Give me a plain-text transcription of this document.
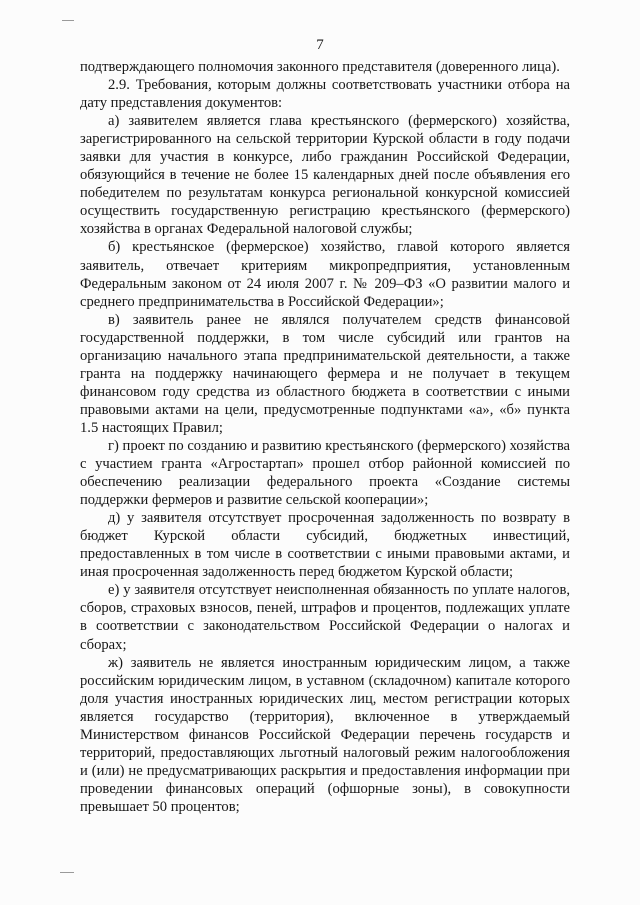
7

подтверждающего полномочия законного представителя (доверенного лица).

2.9. Требования, которым должны соответствовать участники отбора на дату представления документов:

а) заявителем является глава крестьянского (фермерского) хозяйства, зарегистрированного на сельской территории Курской области в году подачи заявки для участия в конкурсе, либо гражданин Российской Федерации, обязующийся в течение не более 15 календарных дней после объявления его победителем по результатам конкурса региональной конкурсной комиссией осуществить государственную регистрацию крестьянского (фермерского) хозяйства в органах Федеральной налоговой службы;

б) крестьянское (фермерское) хозяйство, главой которого является заявитель, отвечает критериям микропредприятия, установленным Федеральным законом от 24 июля 2007 г. № 209–ФЗ «О развитии малого и среднего предпринимательства в Российской Федерации»;

в) заявитель ранее не являлся получателем средств финансовой государственной поддержки, в том числе субсидий или грантов на организацию начального этапа предпринимательской деятельности, а также гранта на поддержку начинающего фермера и не получает в текущем финансовом году средства из областного бюджета в соответствии с иными правовыми актами на цели, предусмотренные подпунктами «а», «б» пункта 1.5 настоящих Правил;

г) проект по созданию и развитию крестьянского (фермерского) хозяйства с участием гранта «Агростартап» прошел отбор районной комиссией по обеспечению реализации федерального проекта «Создание системы поддержки фермеров и развитие сельской кооперации»;

д) у заявителя отсутствует просроченная задолженность по возврату в бюджет Курской области субсидий, бюджетных инвестиций, предоставленных в том числе в соответствии с иными правовыми актами, и иная просроченная задолженность перед бюджетом Курской области;

е) у заявителя отсутствует неисполненная обязанность по уплате налогов, сборов, страховых взносов, пеней, штрафов и процентов, подлежащих уплате в соответствии с законодательством Российской Федерации о налогах и сборах;

ж) заявитель не является иностранным юридическим лицом, а также российским юридическим лицом, в уставном (складочном) капитале которого доля участия иностранных юридических лиц, местом регистрации которых является государство (территория), включенное в утверждаемый Министерством финансов Российской Федерации перечень государств и территорий, предоставляющих льготный налоговый режим налогообложения и (или) не предусматривающих раскрытия и предоставления информации при проведении финансовых операций (офшорные зоны), в совокупности превышает 50 процентов;
